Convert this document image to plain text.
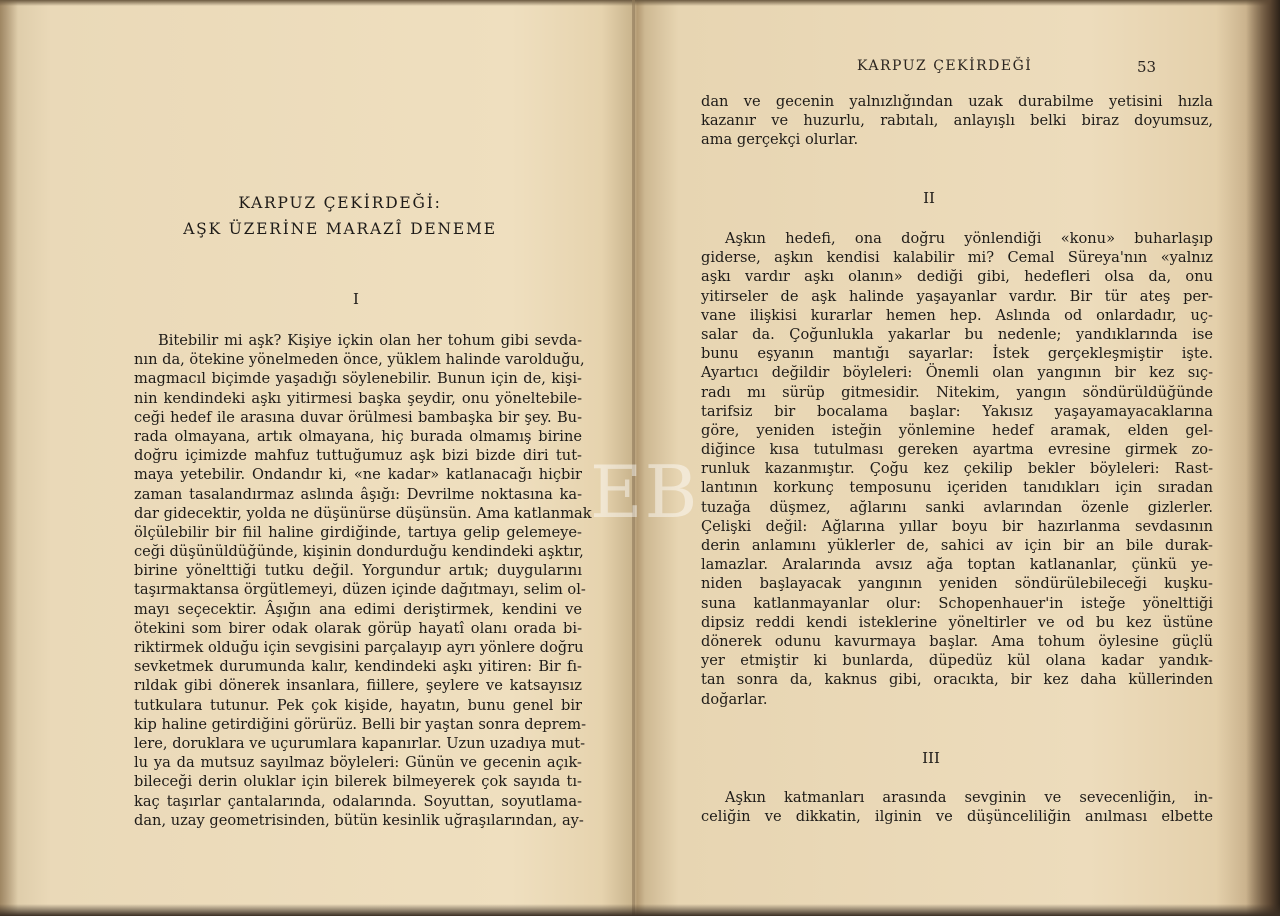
KARPUZ ÇEKİRDEĞİ:
AŞK ÜZERİNE MARAZÎ DENEME
I
Bitebilir mi aşk? Kişiye içkin olan her tohum gibi sevda-
nın da, ötekine yönelmeden önce, yüklem halinde varolduğu,
magmacıl biçimde yaşadığı söylenebilir. Bunun için de, kişi-
nin kendindeki aşkı yitirmesi başka şeydir, onu yöneltebile-
ceği hedef ile arasına duvar örülmesi bambaşka bir şey. Bu-
rada olmayana, artık olmayana, hiç burada olmamış birine
doğru içimizde mahfuz tuttuğumuz aşk bizi bizde diri tut-
maya yetebilir. Ondandır ki, «ne kadar» katlanacağı hiçbir
zaman tasalandırmaz aslında âşığı: Devrilme noktasına ka-
dar gidecektir, yolda ne düşünürse düşünsün. Ama katlanmak
ölçülebilir bir fiil haline girdiğinde, tartıya gelip gelemeye-
ceği düşünüldüğünde, kişinin dondurduğu kendindeki aşktır,
birine yönelttiği tutku değil. Yorgundur artık; duygularını
taşırmaktansa örgütlemeyi, düzen içinde dağıtmayı, selim ol-
mayı seçecektir. Âşığın ana edimi deriştirmek, kendini ve
ötekini som birer odak olarak görüp hayatî olanı orada bi-
riktirmek olduğu için sevgisini parçalayıp ayrı yönlere doğru
sevketmek durumunda kalır, kendindeki aşkı yitiren: Bir fı-
rıldak gibi dönerek insanlara, fiillere, şeylere ve katsayısız
tutkulara tutunur. Pek çok kişide, hayatın, bunu genel bir
kip haline getirdiğini görürüz. Belli bir yaştan sonra deprem-
lere, doruklara ve uçurumlara kapanırlar. Uzun uzadıya mut-
lu ya da mutsuz sayılmaz böyleleri: Günün ve gecenin açık-
bileceği derin oluklar için bilerek bilmeyerek çok sayıda tı-
kaç taşırlar çantalarında, odalarında. Soyuttan, soyutlama-
dan, uzay geometrisinden, bütün kesinlik uğraşılarından, ay-
KARPUZ ÇEKİRDEĞİ	53
dan ve gecenin yalnızlığından uzak durabilme yetisini hızla
kazanır ve huzurlu, rabıtalı, anlayışlı belki biraz doyumsuz,
ama gerçekçi olurlar.
II
Aşkın hedefi, ona doğru yönlendiği «konu» buharlaşıp
giderse, aşkın kendisi kalabilir mi? Cemal Süreya'nın «yalnız
aşkı vardır aşkı olanın» dediği gibi, hedefleri olsa da, onu
yitirseler de aşk halinde yaşayanlar vardır. Bir tür ateş per-
vane ilişkisi kurarlar hemen hep. Aslında od onlardadır, uç-
salar da. Çoğunlukla yakarlar bu nedenle; yandıklarında ise
bunu eşyanın mantığı sayarlar: İstek gerçekleşmiştir işte.
Ayartıcı değildir böyleleri: Önemli olan yangının bir kez sıç-
radı mı sürüp gitmesidir. Nitekim, yangın söndürüldüğünde
tarifsiz bir bocalama başlar: Yakısız yaşayamayacaklarına
göre, yeniden isteğin yönlemine hedef aramak, elden gel-
diğince kısa tutulması gereken ayartma evresine girmek zo-
runluk kazanmıştır. Çoğu kez çekilip bekler böyleleri: Rast-
lantının korkunç temposunu içeriden tanıdıkları için sıradan
tuzağa düşmez, ağlarını sanki avlarından özenle gizlerler.
Çelişki değil: Ağlarına yıllar boyu bir hazırlanma sevdasının
derin anlamını yüklerler de, sahici av için bir an bile durak-
lamazlar. Aralarında avsız ağa toptan katlananlar, çünkü ye-
niden başlayacak yangının yeniden söndürülebileceği kuşku-
suna katlanmayanlar olur: Schopenhauer'in isteğe yönelttiği
dipsiz reddi kendi isteklerine yöneltirler ve od bu kez üstüne
dönerek odunu kavurmaya başlar. Ama tohum öylesine güçlü
yer etmiştir ki bunlarda, düpedüz kül olana kadar yandık-
tan sonra da, kaknus gibi, oracıkta, bir kez daha küllerinden
doğarlar.
III
Aşkın katmanları arasında sevginin ve sevecenliğin, in-
celiğin ve dikkatin, ilginin ve düşünceliliğin anılması elbette
EB
